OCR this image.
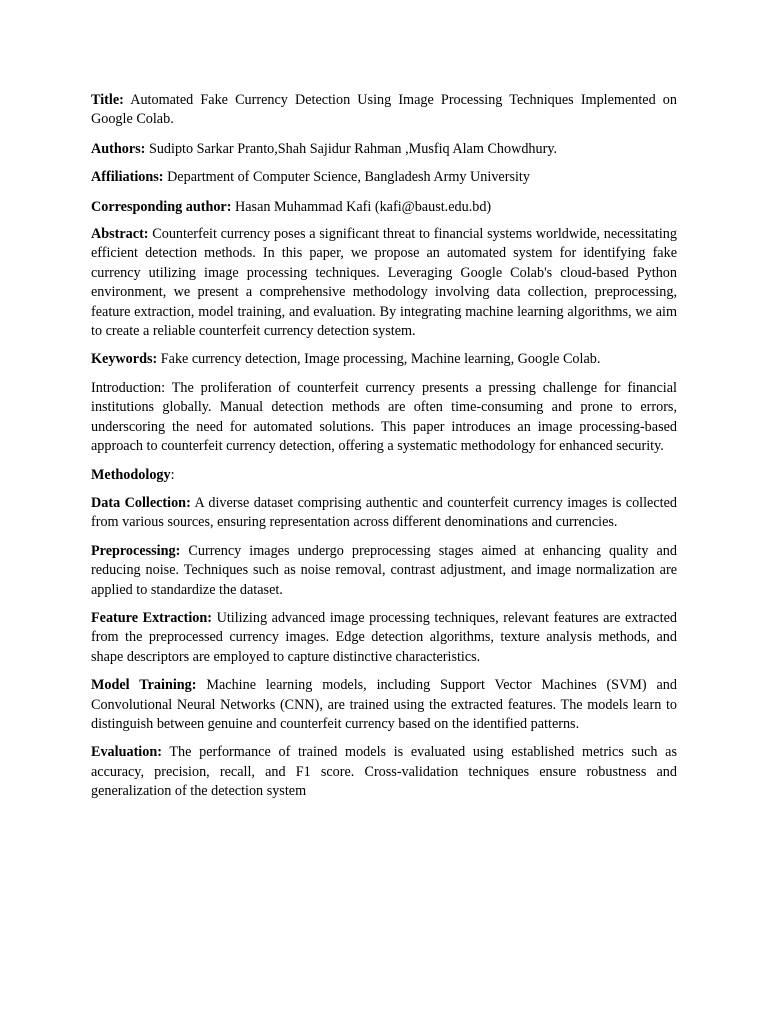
Title: Automated Fake Currency Detection Using Image Processing Techniques Implemented on Google Colab.

Authors: Sudipto Sarkar Pranto,Shah Sajidur Rahman ,Musfiq Alam Chowdhury.

Affiliations: Department of Computer Science, Bangladesh Army University

Corresponding author: Hasan Muhammad Kafi (kafi@baust.edu.bd)

Abstract: Counterfeit currency poses a significant threat to financial systems worldwide, necessitating efficient detection methods. In this paper, we propose an automated system for identifying fake currency utilizing image processing techniques. Leveraging Google Colab's cloud-based Python environment, we present a comprehensive methodology involving data collection, preprocessing, feature extraction, model training, and evaluation. By integrating machine learning algorithms, we aim to create a reliable counterfeit currency detection system.

Keywords: Fake currency detection, Image processing, Machine learning, Google Colab.

Introduction: The proliferation of counterfeit currency presents a pressing challenge for financial institutions globally. Manual detection methods are often time-consuming and prone to errors, underscoring the need for automated solutions. This paper introduces an image processing-based approach to counterfeit currency detection, offering a systematic methodology for enhanced security.

Methodology:

Data Collection: A diverse dataset comprising authentic and counterfeit currency images is collected from various sources, ensuring representation across different denominations and currencies.

Preprocessing: Currency images undergo preprocessing stages aimed at enhancing quality and reducing noise. Techniques such as noise removal, contrast adjustment, and image normalization are applied to standardize the dataset.

Feature Extraction: Utilizing advanced image processing techniques, relevant features are extracted from the preprocessed currency images. Edge detection algorithms, texture analysis methods, and shape descriptors are employed to capture distinctive characteristics.

Model Training: Machine learning models, including Support Vector Machines (SVM) and Convolutional Neural Networks (CNN), are trained using the extracted features. The models learn to distinguish between genuine and counterfeit currency based on the identified patterns.

Evaluation: The performance of trained models is evaluated using established metrics such as accuracy, precision, recall, and F1 score. Cross-validation techniques ensure robustness and generalization of the detection system
